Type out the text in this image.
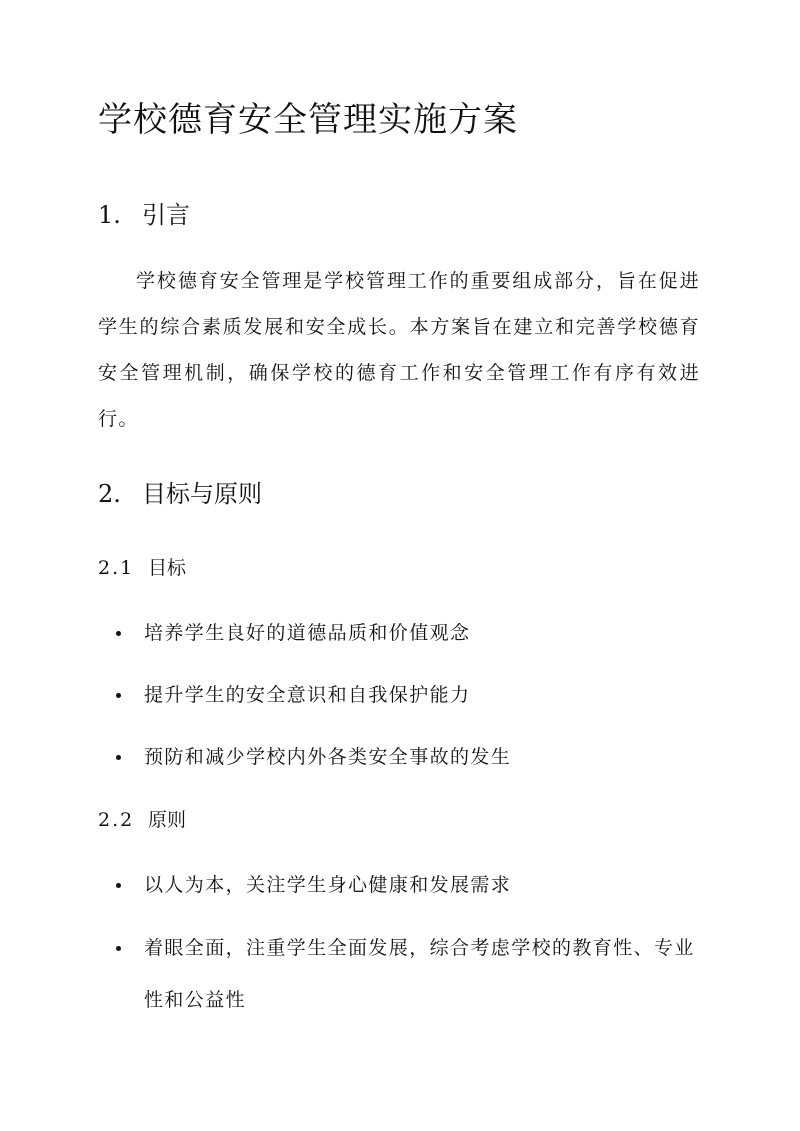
学校德育安全管理实施方案
1. 引言

学校德育安全管理是学校管理工作的重要组成部分，旨在促进学生的综合素质发展和安全成长。本方案旨在建立和完善学校德育安全管理机制，确保学校的德育工作和安全管理工作有序有效进行。

2. 目标与原则
2.1 目标
培养学生良好的道德品质和价值观念
提升学生的安全意识和自我保护能力
预防和减少学校内外各类安全事故的发生
2.2 原则
以人为本，关注学生身心健康和发展需求
着眼全面，注重学生全面发展，综合考虑学校的教育性、专业性和公益性
